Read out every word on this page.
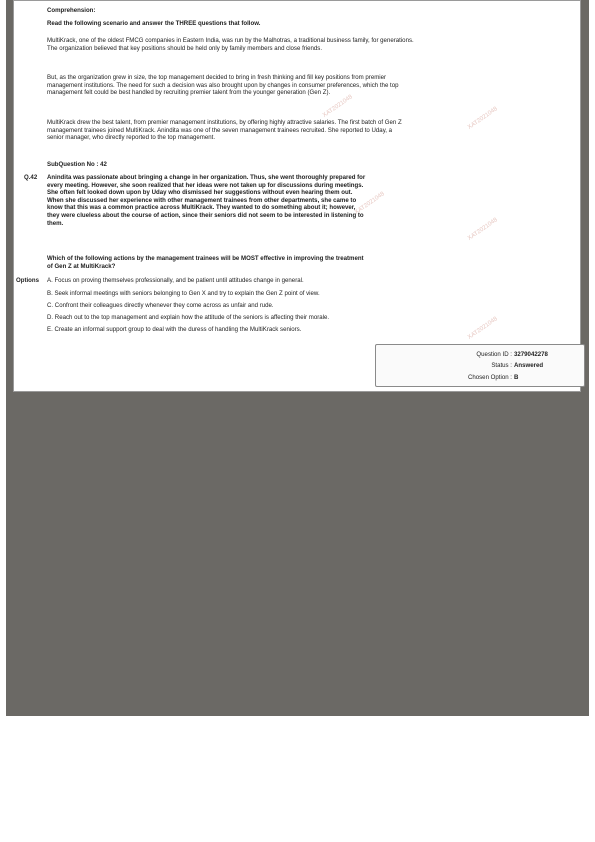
Comprehension:
Read the following scenario and answer the THREE questions that follow.
MultiKrack, one of the oldest FMCG companies in Eastern India, was run by the Malhotras, a traditional business family, for generations. The organization believed that key positions should be held only by family members and close friends.
But, as the organization grew in size, the top management decided to bring in fresh thinking and fill key positions from premier management institutions. The need for such a decision was also brought upon by changes in consumer preferences, which the top management felt could be best handled by recruiting premier talent from the younger generation (Gen Z).
MultiKrack drew the best talent, from premier management institutions, by offering highly attractive salaries. The first batch of Gen Z management trainees joined MultiKrack. Anindita was one of the seven management trainees recruited. She reported to Uday, a senior manager, who directly reported to the top management.
SubQuestion No : 42
Q.42 Anindita was passionate about bringing a change in her organization. Thus, she went thoroughly prepared for every meeting. However, she soon realized that her ideas were not taken up for discussions during meetings. She often felt looked down upon by Uday who dismissed her suggestions without even hearing them out. When she discussed her experience with other management trainees from other departments, she came to know that this was a common practice across MultiKrack. They wanted to do something about it; however, they were clueless about the course of action, since their seniors did not seem to be interested in listening to them.
Which of the following actions by the management trainees will be MOST effective in improving the treatment of Gen Z at MultiKrack?
Options A. Focus on proving themselves professionally, and be patient until attitudes change in general.
B. Seek informal meetings with seniors belonging to Gen X and try to explain the Gen Z point of view.
C. Confront their colleagues directly whenever they come across as unfair and rude.
D. Reach out to the top management and explain how the attitude of the seniors is affecting their morale.
E. Create an informal support group to deal with the duress of handling the MultiKrack seniors.
XAT2021048
XAT2021048
XAT2021048
XAT2021048
XAT2021048
Question ID : 3279042278
Status : Answered
Chosen Option : B
